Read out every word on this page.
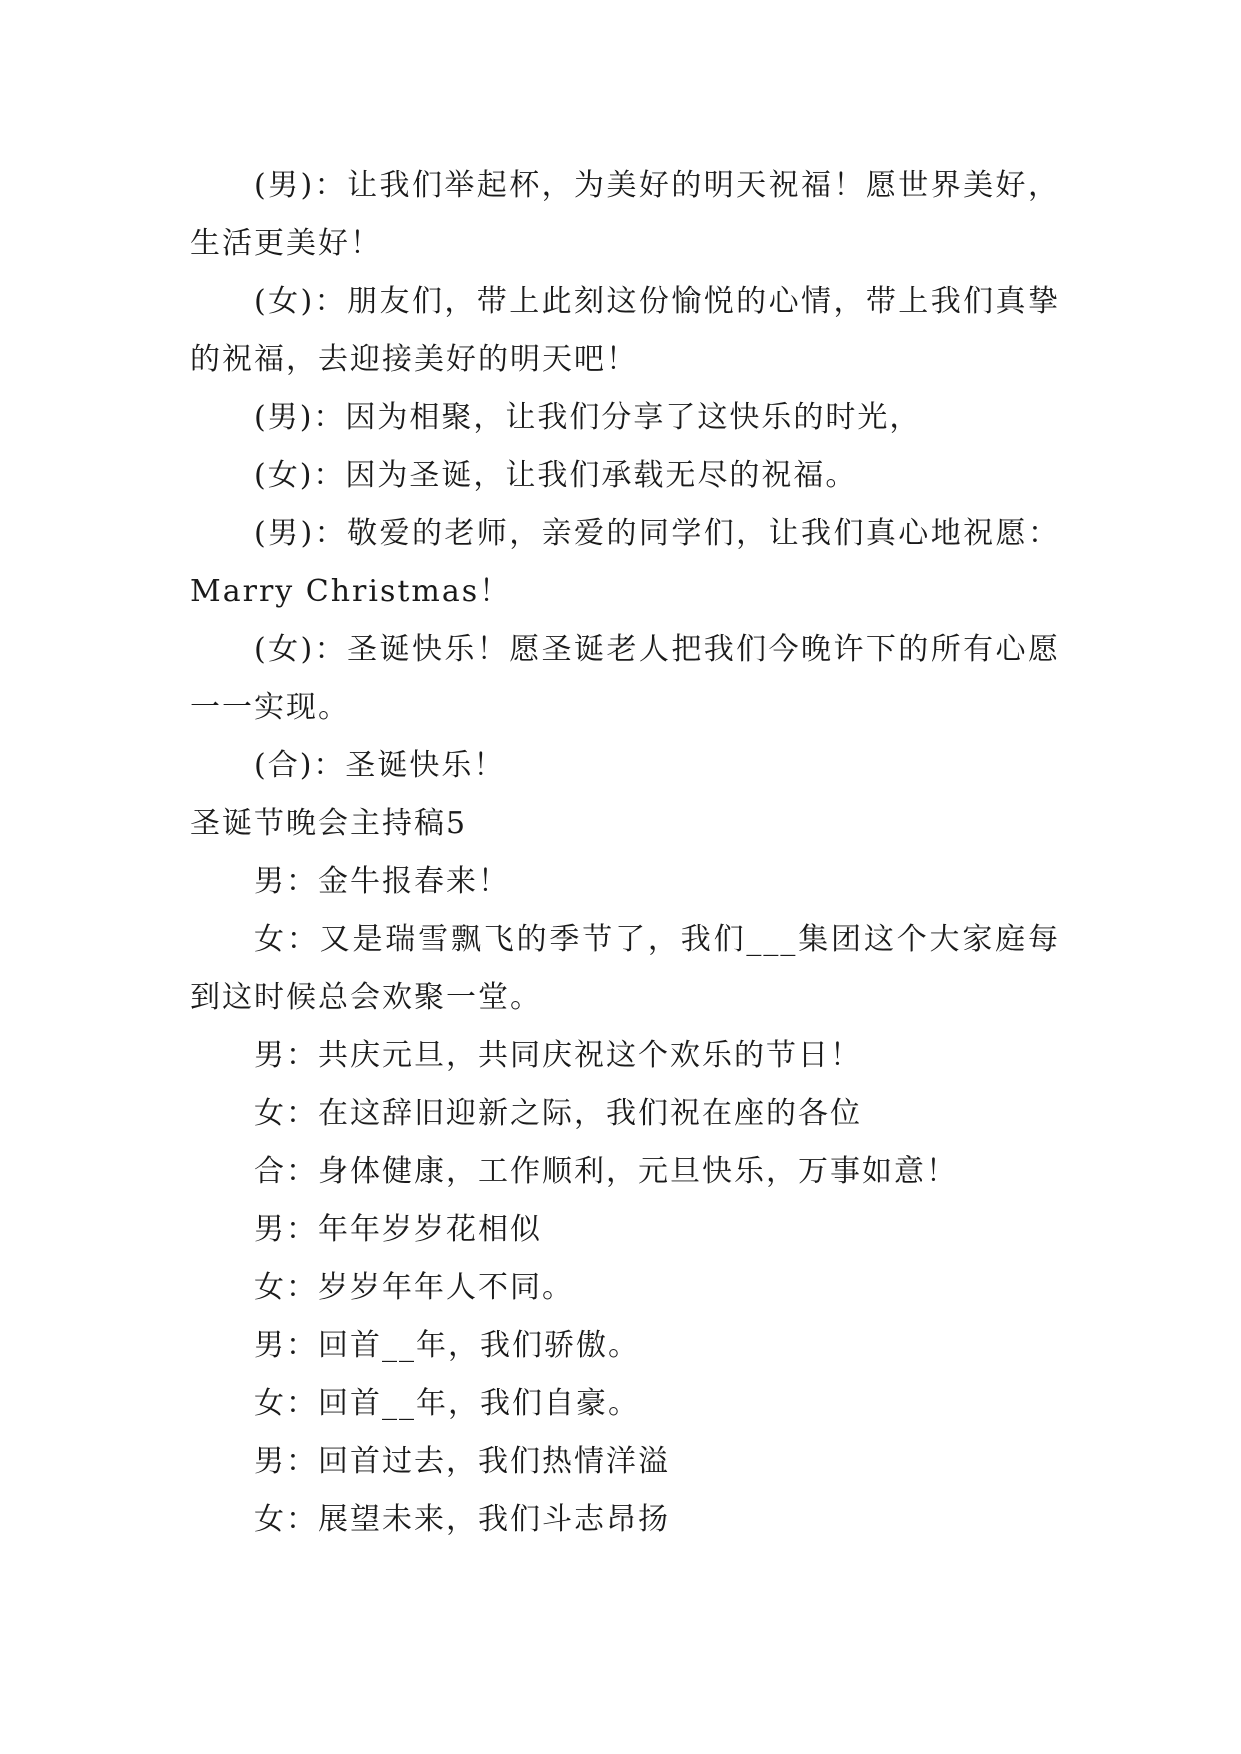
(男)：让我们举起杯，为美好的明天祝福！愿世界美好，生活更美好！

(女)：朋友们，带上此刻这份愉悦的心情，带上我们真挚的祝福，去迎接美好的明天吧！

(男)：因为相聚，让我们分享了这快乐的时光，

(女)：因为圣诞，让我们承载无尽的祝福。

(男)：敬爱的老师，亲爱的同学们，让我们真心地祝愿：Marry Christmas！

(女)：圣诞快乐！愿圣诞老人把我们今晚许下的所有心愿一一实现。

(合)：圣诞快乐！

圣诞节晚会主持稿5

男：金牛报春来！

女：又是瑞雪飘飞的季节了，我们___集团这个大家庭每到这时候总会欢聚一堂。

男：共庆元旦，共同庆祝这个欢乐的节日！

女：在这辞旧迎新之际，我们祝在座的各位

合：身体健康，工作顺利，元旦快乐，万事如意！

男：年年岁岁花相似

女：岁岁年年人不同。

男：回首__年，我们骄傲。

女：回首__年，我们自豪。

男：回首过去，我们热情洋溢

女：展望未来，我们斗志昂扬
